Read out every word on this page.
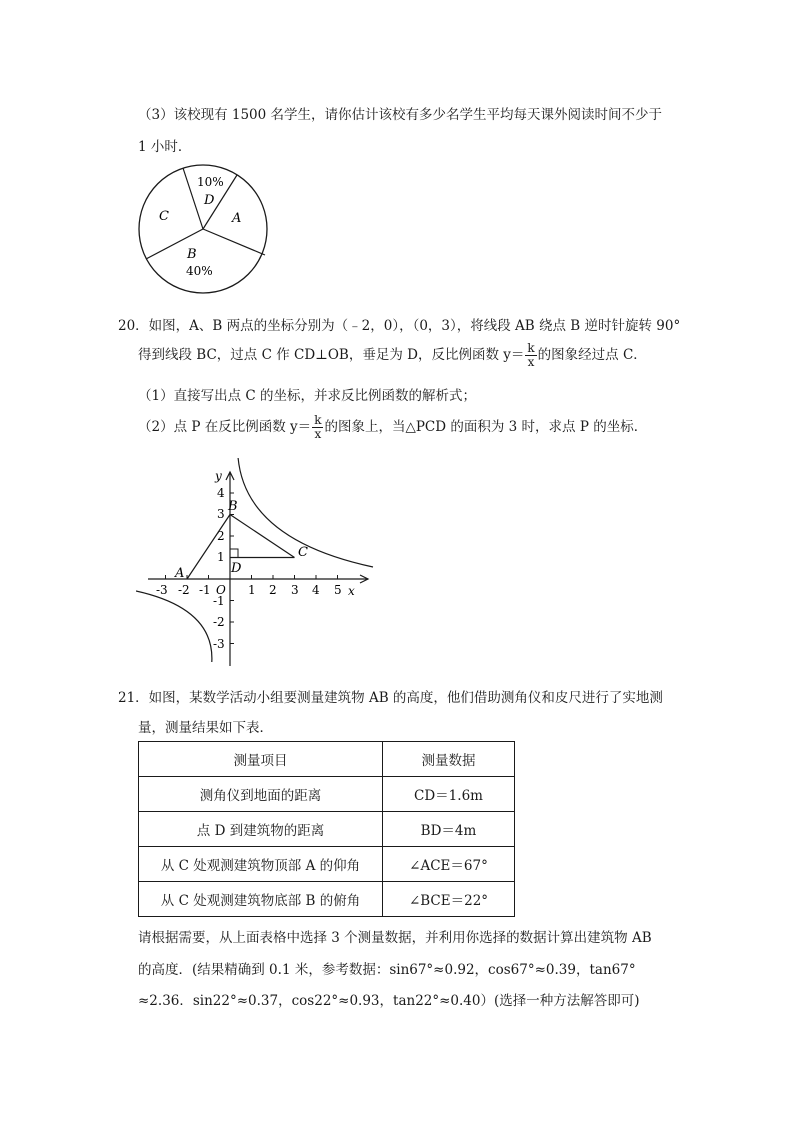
（3）该校现有 1500 名学生，请你估计该校有多少名学生平均每天课外阅读时间不少于
1 小时．
10%
D
A
C
B
40%
20．如图，A、B 两点的坐标分别为（﹣2，0），（0，3），将线段 AB 绕点 B 逆时针旋转 90°
得到线段 BC，过点 C 作 CD⊥OB，垂足为 D，反比例函数 $y= \frac{k}{x}$ 的图象经过点 C．
（1）直接写出点 C 的坐标，并求反比例函数的解析式；
（2）点 P 在反比例函数 $y= \frac{k}{x}$ 的图象上，当△PCD 的面积为 3 时，求点 P 的坐标．
y
x
O
4
3
2
1
-1
-2
-3
-3 -2 -1	1 2 3 4 5
A
B
C
D
21．如图，某数学活动小组要测量建筑物 AB 的高度，他们借助测角仪和皮尺进行了实地测
量，测量结果如下表．
测量项目	测量数据
测角仪到地面的距离	CD＝1.6m
点 D 到建筑物的距离	BD＝4m
从 C 处观测建筑物顶部 A 的仰角	∠ACE＝67°
从 C 处观测建筑物底部 B 的俯角	∠BCE＝22°
请根据需要，从上面表格中选择 3 个测量数据，并利用你选择的数据计算出建筑物 AB
的高度．(结果精确到 0.1 米，参考数据：sin67°≈0.92，cos67°≈0.39，tan67°
≈2.36．sin22°≈0.37，cos22°≈0.93，tan22°≈0.40）(选择一种方法解答即可)
